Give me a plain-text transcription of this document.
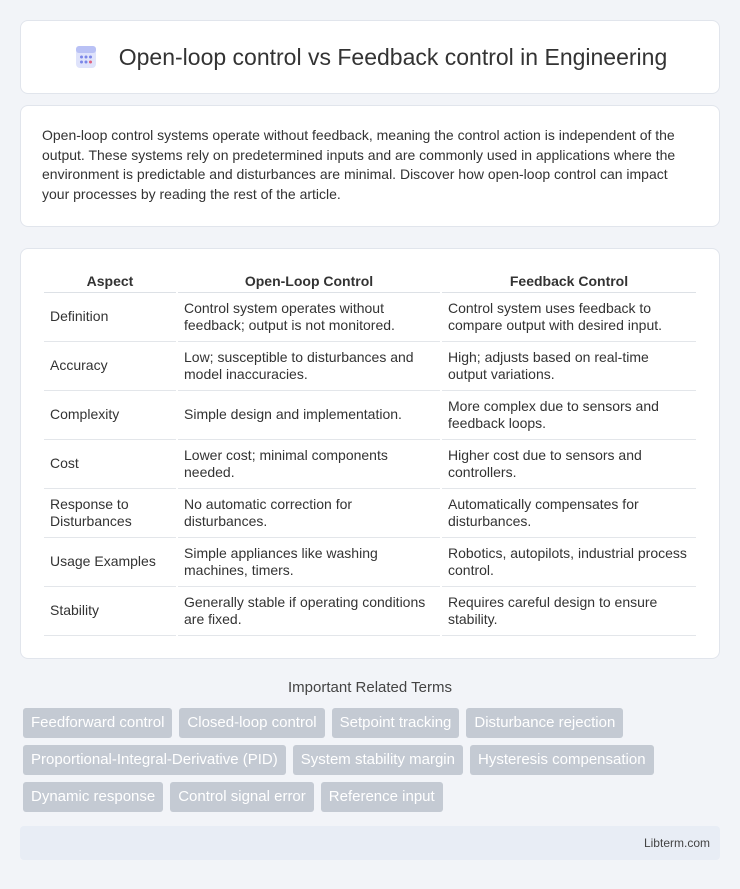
Open-loop control vs Feedback control in Engineering

Open-loop control systems operate without feedback, meaning the control action is independent of the output. These systems rely on predetermined inputs and are commonly used in applications where the environment is predictable and disturbances are minimal. Discover how open-loop control can impact your processes by reading the rest of the article.

Aspect	Open-Loop Control	Feedback Control
Definition	Control system operates without feedback; output is not monitored.	Control system uses feedback to compare output with desired input.
Accuracy	Low; susceptible to disturbances and model inaccuracies.	High; adjusts based on real-time output variations.
Complexity	Simple design and implementation.	More complex due to sensors and feedback loops.
Cost	Lower cost; minimal components needed.	Higher cost due to sensors and controllers.
Response to Disturbances	No automatic correction for disturbances.	Automatically compensates for disturbances.
Usage Examples	Simple appliances like washing machines, timers.	Robotics, autopilots, industrial process control.
Stability	Generally stable if operating conditions are fixed.	Requires careful design to ensure stability.
Important Related Terms
Feedforward control	Closed-loop control	Setpoint tracking	Disturbance rejection
Proportional-Integral-Derivative (PID)	System stability margin	Hysteresis compensation
Dynamic response	Control signal error	Reference input
Libterm.com
